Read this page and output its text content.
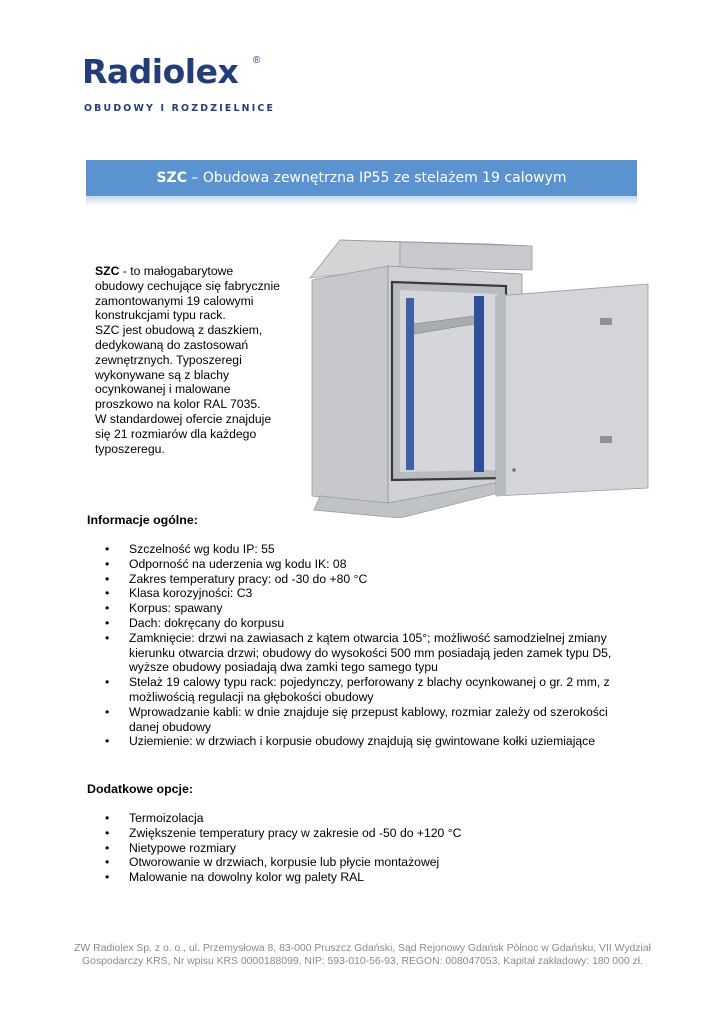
Radiolex ®
OBUDOWY I ROZDZIELNICE
SZC – Obudowa zewnętrzna IP55 ze stelażem 19 calowym

SZC - to małogabarytowe obudowy cechujące się fabrycznie zamontowanymi 19 calowymi konstrukcjami typu rack.

SZC jest obudową z daszkiem, dedykowaną do zastosowań zewnętrznych. Typoszeregi wykonywane są z blachy ocynkowanej i malowane proszkowo na kolor RAL 7035.

W standardowej ofercie znajduje się 21 rozmiarów dla każdego typoszeregu.

Informacje ogólne:
• Szczelność wg kodu IP: 55
• Odporność na uderzenia wg kodu IK: 08
• Zakres temperatury pracy: od -30 do +80 °C
• Klasa korozyjności: C3
• Korpus: spawany
• Dach: dokręcany do korpusu
• Zamknięcie: drzwi na zawiasach z kątem otwarcia 105°; możliwość samodzielnej zmiany kierunku otwarcia drzwi; obudowy do wysokości 500 mm posiadają jeden zamek typu D5, wyższe obudowy posiadają dwa zamki tego samego typu
• Stelaż 19 calowy typu rack: pojedynczy, perforowany z blachy ocynkowanej o gr. 2 mm, z możliwością regulacji na głębokości obudowy
• Wprowadzanie kabli: w dnie znajduje się przepust kablowy, rozmiar zależy od szerokości danej obudowy
• Uziemienie: w drzwiach i korpusie obudowy znajdują się gwintowane kołki uziemiające
Dodatkowe opcje:
• Termoizolacja
• Zwiększenie temperatury pracy w zakresie od -50 do +120 °C
• Nietypowe rozmiary
• Otworowanie w drzwiach, korpusie lub płycie montażowej
• Malowanie na dowolny kolor wg palety RAL
ZW Radiolex Sp. z o. o., ul. Przemysłowa 8, 83-000 Pruszcz Gdański, Sąd Rejonowy Gdańsk Północ w Gdańsku, VII Wydział
Gospodarczy KRS, Nr wpisu KRS 0000188099, NIP: 593-010-56-93, REGON: 008047053, Kapitał zakładowy: 180 000 zł.
